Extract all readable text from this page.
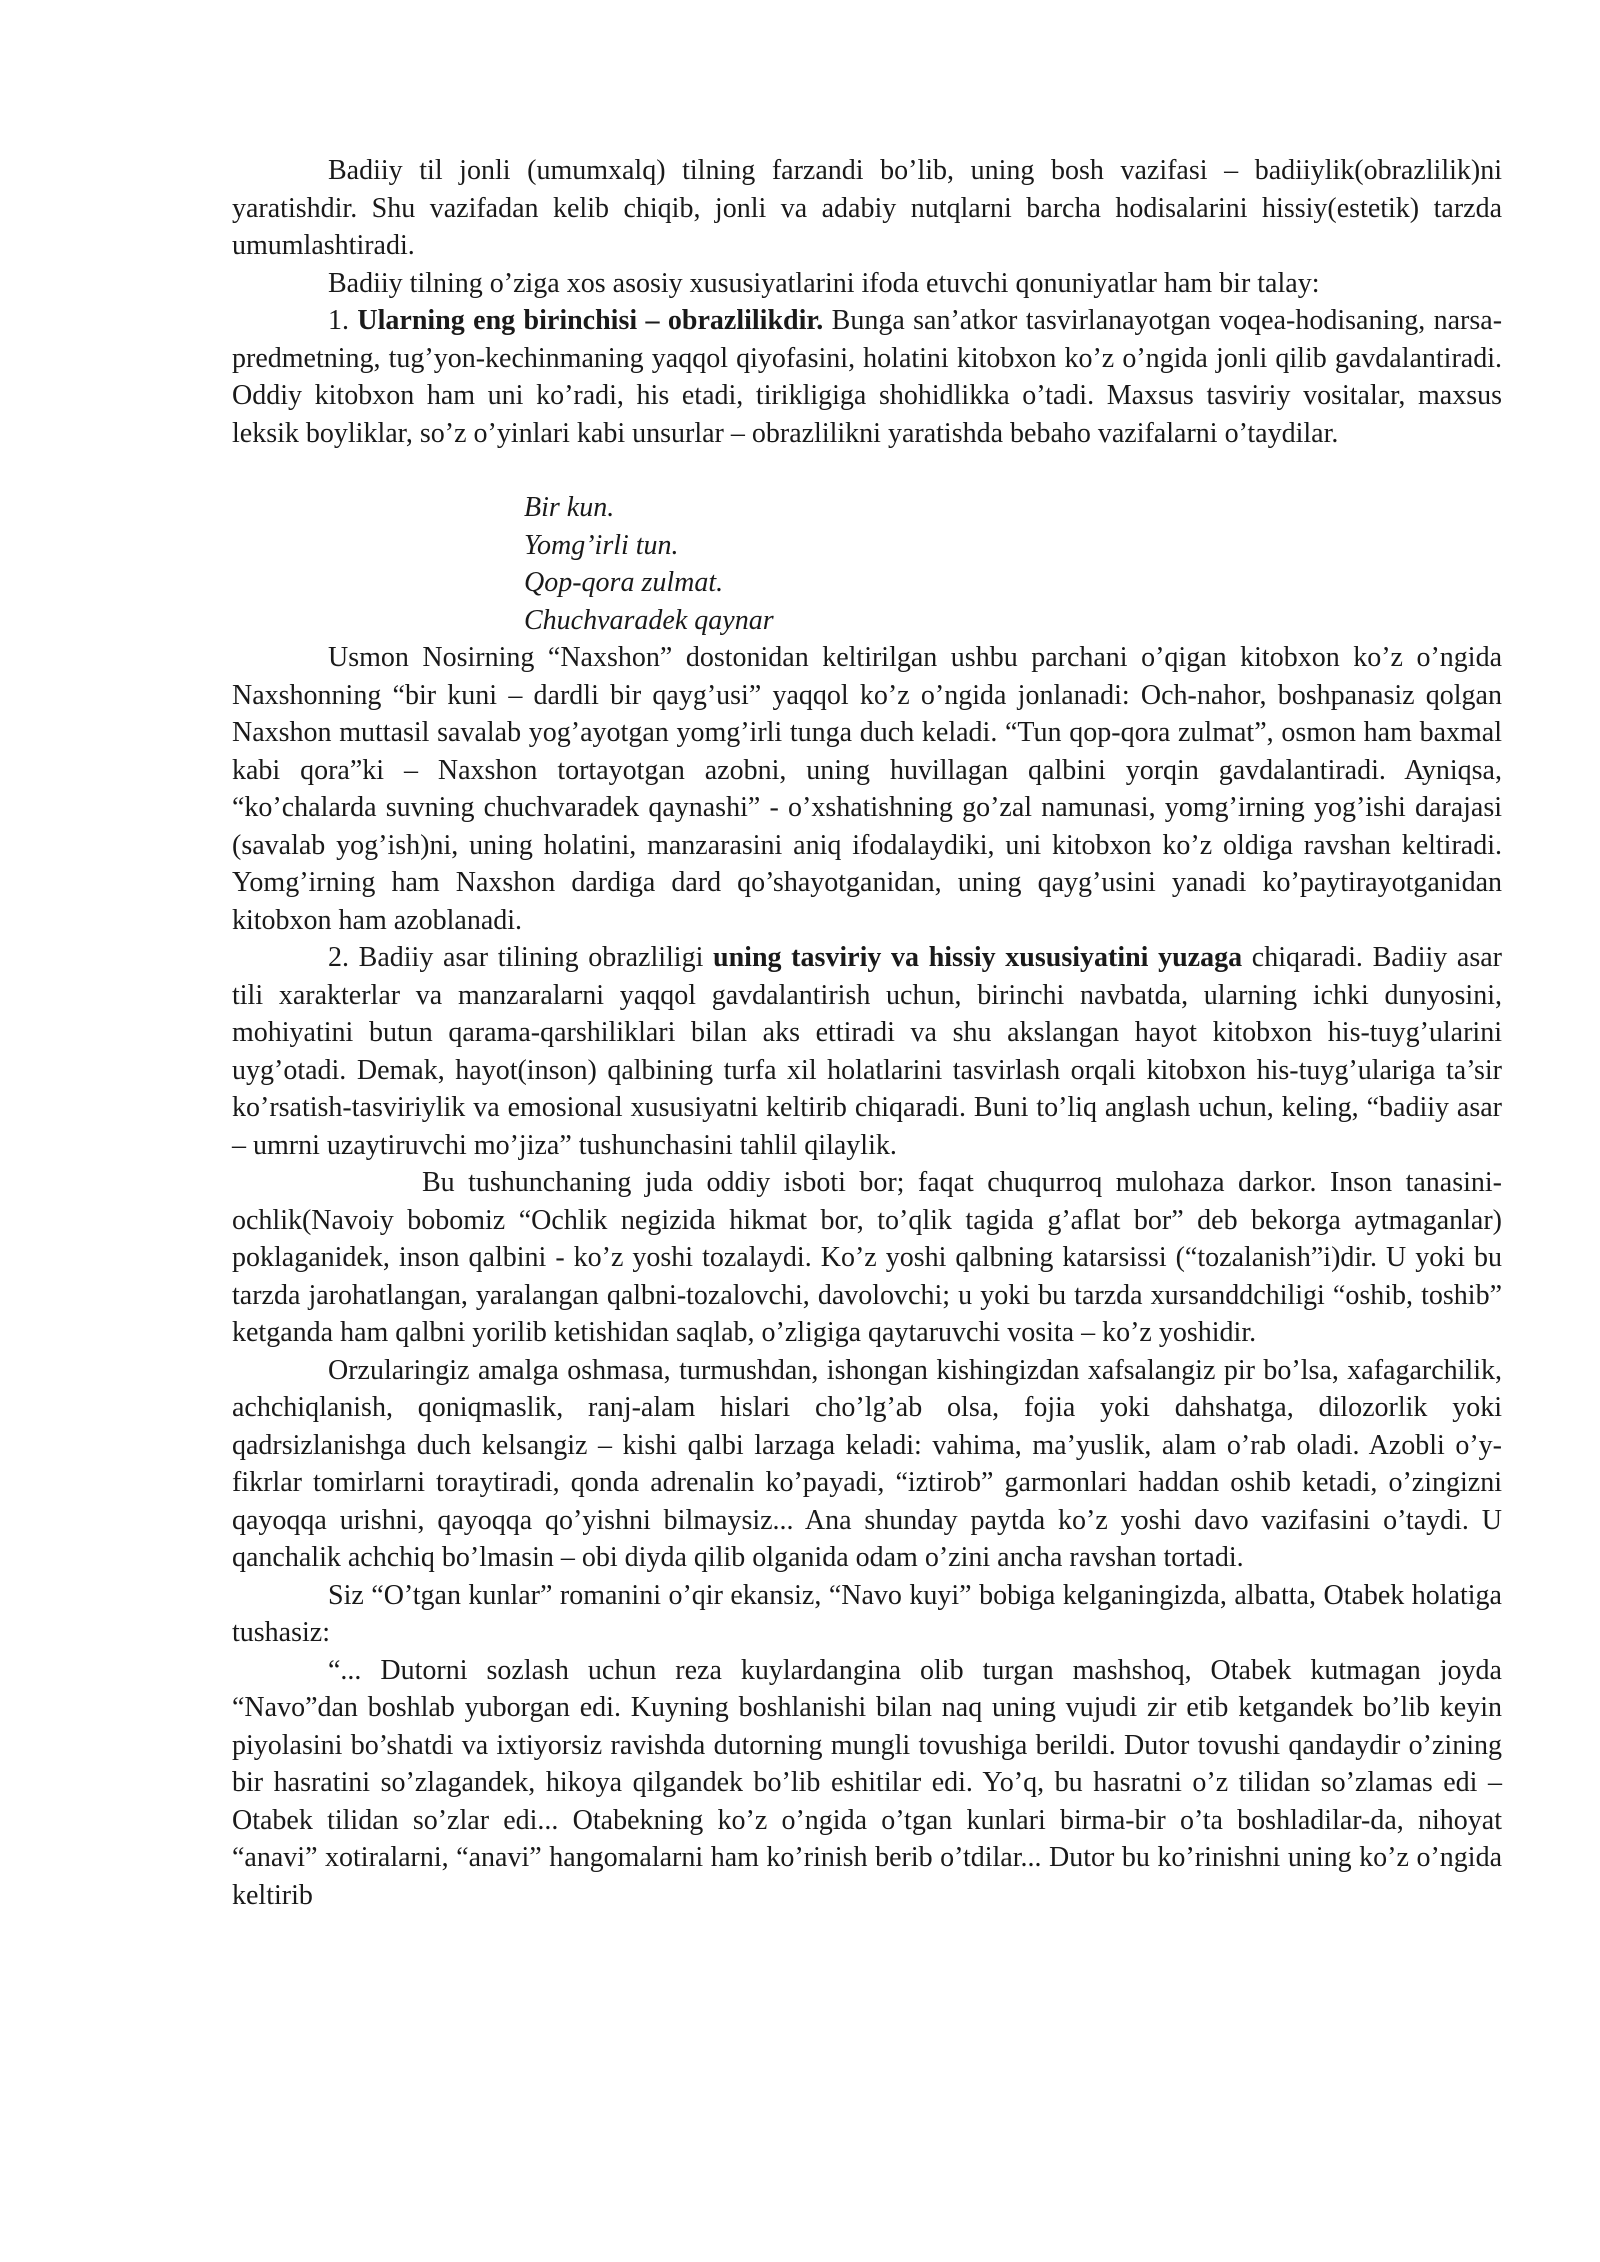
Badiiy til jonli (umumxalq) tilning farzandi bo’lib, uning bosh vazifasi – badiiylik(obrazlilik)ni yaratishdir. Shu vazifadan kelib chiqib, jonli va adabiy nutqlarni barcha hodisalarini hissiy(estetik) tarzda umumlashtiradi.

Badiiy tilning o’ziga xos asosiy xususiyatlarini ifoda etuvchi qonuniyatlar ham bir talay:

1. Ularning eng birinchisi – obrazlilikdir. Bunga san’atkor tasvirlanayotgan voqea-hodisaning, narsa-predmetning, tug’yon-kechinmaning yaqqol qiyofasini, holatini kitobxon ko’z o’ngida jonli qilib gavdalantiradi. Oddiy kitobxon ham uni ko’radi, his etadi, tirikligiga shohidlikka o’tadi. Maxsus tasviriy vositalar, maxsus leksik boyliklar, so’z o’yinlari kabi unsurlar – obrazlilikni yaratishda bebaho vazifalarni o’taydilar.

Bir kun.
Yomg’irli tun.
Qop-qora zulmat.
Chuchvaradek qaynar

Usmon Nosirning “Naxshon” dostonidan keltirilgan ushbu parchani o’qigan kitobxon ko’z o’ngida Naxshonning “bir kuni – dardli bir qayg’usi” yaqqol ko’z o’ngida jonlanadi: Och-nahor, boshpanasiz qolgan Naxshon muttasil savalab yog’ayotgan yomg’irli tunga duch keladi. “Tun qop-qora zulmat”, osmon ham baxmal kabi qora”ki – Naxshon tortayotgan azobni, uning huvillagan qalbini yorqin gavdalantiradi. Ayniqsa, “ko’chalarda suvning chuchvaradek qaynashi” - o’xshatishning go’zal namunasi, yomg’irning yog’ishi darajasi (savalab yog’ish)ni, uning holatini, manzarasini aniq ifodalaydiki, uni kitobxon ko’z oldiga ravshan keltiradi. Yomg’irning ham Naxshon dardiga dard qo’shayotganidan, uning qayg’usini yanadi ko’paytirayotganidan kitobxon ham azoblanadi.

2. Badiiy asar tilining obrazliligi uning tasviriy va hissiy xususiyatini yuzaga chiqaradi. Badiiy asar tili xarakterlar va manzaralarni yaqqol gavdalantirish uchun, birinchi navbatda, ularning ichki dunyosini, mohiyatini butun qarama-qarshiliklari bilan aks ettiradi va shu akslangan hayot kitobxon his-tuyg’ularini uyg’otadi. Demak, hayot(inson) qalbining turfa xil holatlarini tasvirlash orqali kitobxon his-tuyg’ulariga ta’sir ko’rsatish-tasviriylik va emosional xususiyatni keltirib chiqaradi. Buni to’liq anglash uchun, keling, “badiiy asar – umrni uzaytiruvchi mo’jiza” tushunchasini tahlil qilaylik.

Bu tushunchaning juda oddiy isboti bor; faqat chuqurroq mulohaza darkor. Inson tanasini-ochlik(Navoiy bobomiz “Ochlik negizida hikmat bor, to’qlik tagida g’aflat bor” deb bekorga aytmaganlar) poklaganidek, inson qalbini - ko’z yoshi tozalaydi. Ko’z yoshi qalbning katarsissi (“tozalanish”i)dir. U yoki bu tarzda jarohatlangan, yaralangan qalbni-tozalovchi, davolovchi; u yoki bu tarzda xursanddchiligi “oshib, toshib” ketganda ham qalbni yorilib ketishidan saqlab, o’zligiga qaytaruvchi vosita – ko’z yoshidir.

Orzularingiz amalga oshmasa, turmushdan, ishongan kishingizdan xafsalangiz pir bo’lsa, xafagarchilik, achchiqlanish, qoniqmaslik, ranj-alam hislari cho’lg’ab olsa, fojia yoki dahshatga, dilozorlik yoki qadrsizlanishga duch kelsangiz – kishi qalbi larzaga keladi: vahima, ma’yuslik, alam o’rab oladi. Azobli o’y-fikrlar tomirlarni toraytiradi, qonda adrenalin ko’payadi, “iztirob” garmonlari haddan oshib ketadi, o’zingizni qayoqqa urishni, qayoqqa qo’yishni bilmaysiz... Ana shunday paytda ko’z yoshi davo vazifasini o’taydi. U qanchalik achchiq bo’lmasin – obi diyda qilib olganida odam o’zini ancha ravshan tortadi.

Siz “O’tgan kunlar” romanini o’qir ekansiz, “Navo kuyi” bobiga kelganingizda, albatta, Otabek holatiga tushasiz:

“... Dutorni sozlash uchun reza kuylardangina olib turgan mashshoq, Otabek kutmagan joyda “Navo”dan boshlab yuborgan edi. Kuyning boshlanishi bilan naq uning vujudi zir etib ketgandek bo’lib keyin piyolasini bo’shatdi va ixtiyorsiz ravishda dutorning mungli tovushiga berildi. Dutor tovushi qandaydir o’zining bir hasratini so’zlagandek, hikoya qilgandek bo’lib eshitilar edi. Yo’q, bu hasratni o’z tilidan so’zlamas edi – Otabek tilidan so’zlar edi... Otabekning ko’z o’ngida o’tgan kunlari birma-bir o’ta boshladilar-da, nihoyat “anavi” xotiralarni, “anavi” hangomalarni ham ko’rinish berib o’tdilar... Dutor bu ko’rinishni uning ko’z o’ngida keltirib
